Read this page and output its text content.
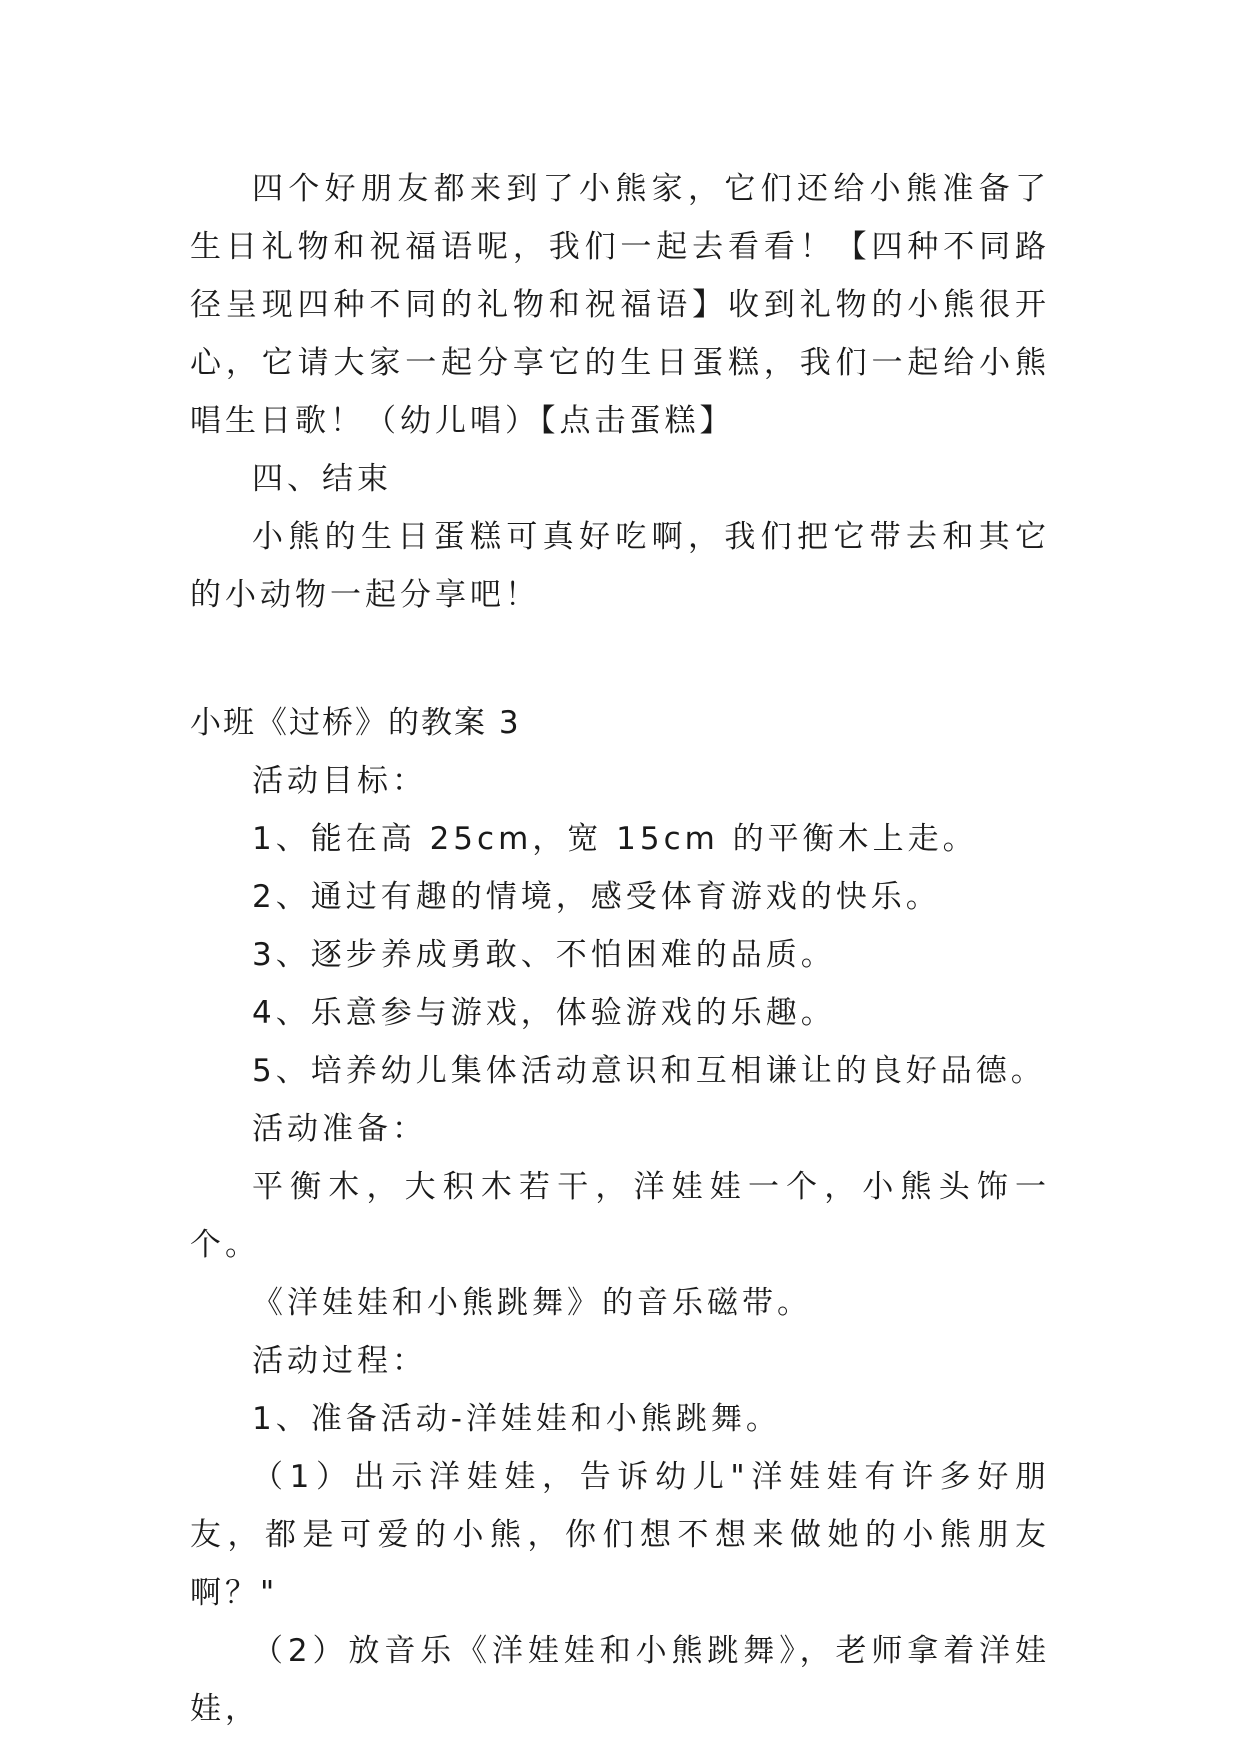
四个好朋友都来到了小熊家，它们还给小熊准备了生日礼物和祝福语呢，我们一起去看看！【四种不同路径呈现四种不同的礼物和祝福语】收到礼物的小熊很开心，它请大家一起分享它的生日蛋糕，我们一起给小熊唱生日歌！（幼儿唱）【点击蛋糕】

四、结束

小熊的生日蛋糕可真好吃啊，我们把它带去和其它的小动物一起分享吧！

小班《过桥》的教案 3

活动目标：

1、能在高 25cm，宽 15cm 的平衡木上走。

2、通过有趣的情境，感受体育游戏的快乐。

3、逐步养成勇敢、不怕困难的品质。

4、乐意参与游戏，体验游戏的乐趣。

5、培养幼儿集体活动意识和互相谦让的良好品德。

活动准备：

平衡木，大积木若干，洋娃娃一个，小熊头饰一个。

《洋娃娃和小熊跳舞》的音乐磁带。

活动过程：

1、准备活动-洋娃娃和小熊跳舞。

（1）出示洋娃娃，告诉幼儿"洋娃娃有许多好朋友，都是可爱的小熊，你们想不想来做她的小熊朋友啊？"

（2）放音乐《洋娃娃和小熊跳舞》，老师拿着洋娃娃，
